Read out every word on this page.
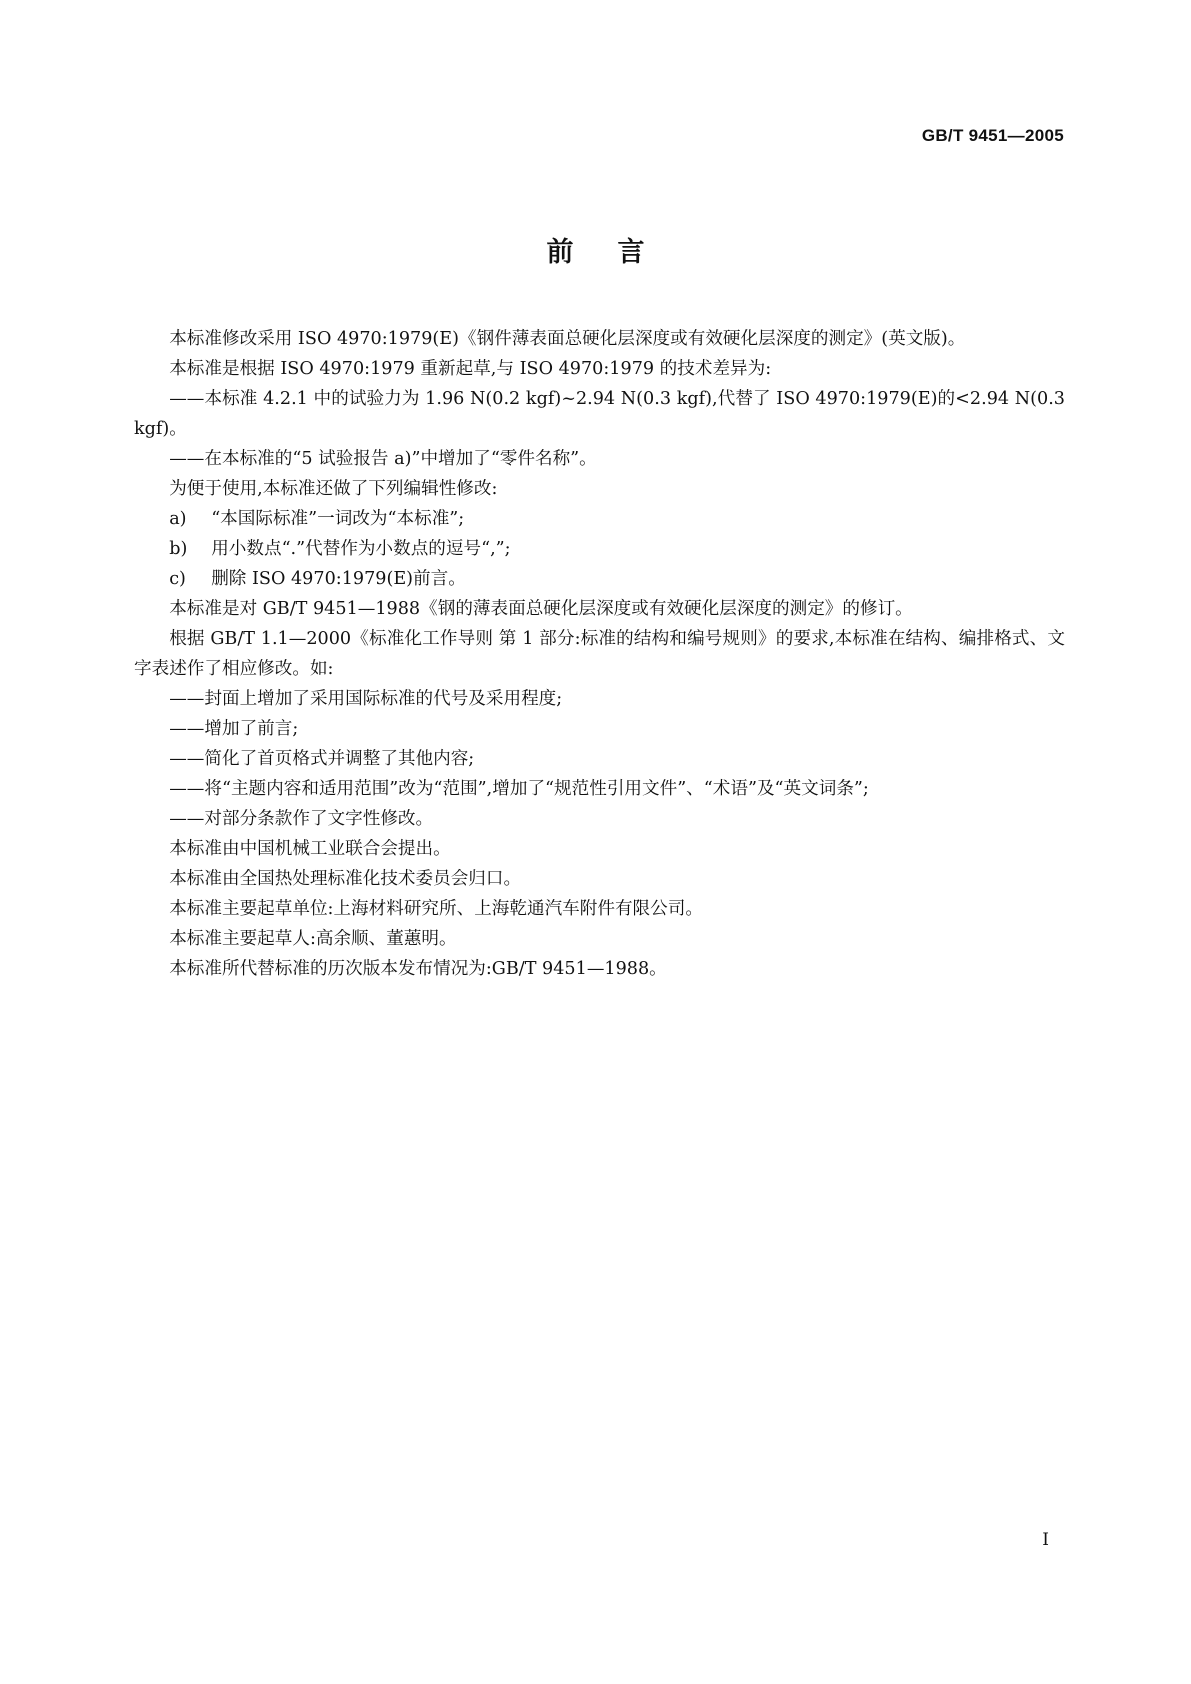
GB/T 9451—2005
前言

本标准修改采用 ISO 4970:1979(E)《钢件薄表面总硬化层深度或有效硬化层深度的测定》(英文版)。

本标准是根据 ISO 4970:1979 重新起草,与 ISO 4970:1979 的技术差异为:

——本标准 4.2.1 中的试验力为 1.96 N(0.2 kgf)~2.94 N(0.3 kgf),代替了 ISO 4970:1979(E)的<2.94 N(0.3 kgf)。

——在本标准的“5 试验报告 a)”中增加了“零件名称”。

为便于使用,本标准还做了下列编辑性修改:

a) “本国际标准”一词改为“本标准”;

b) 用小数点“.”代替作为小数点的逗号“,”;

c) 删除 ISO 4970:1979(E)前言。

本标准是对 GB/T 9451—1988《钢的薄表面总硬化层深度或有效硬化层深度的测定》的修订。

根据 GB/T 1.1—2000《标准化工作导则 第 1 部分:标准的结构和编号规则》的要求,本标准在结构、编排格式、文字表述作了相应修改。如:

——封面上增加了采用国际标准的代号及采用程度;

——增加了前言;

——简化了首页格式并调整了其他内容;

——将“主题内容和适用范围”改为“范围”,增加了“规范性引用文件”、“术语”及“英文词条”;

——对部分条款作了文字性修改。

本标准由中国机械工业联合会提出。

本标准由全国热处理标准化技术委员会归口。

本标准主要起草单位:上海材料研究所、上海乾通汽车附件有限公司。

本标准主要起草人:高余顺、董蕙明。

本标准所代替标准的历次版本发布情况为:GB/T 9451—1988。

I
